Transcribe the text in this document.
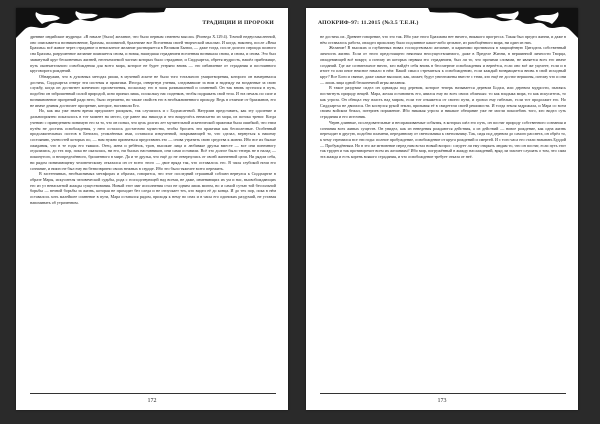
ТРАДИЦИИ И ПРОРОКИ

древние индийские мудрецы: «В начале [было] желание, что было первым семенем мысли» (Ригведа X.129.4). Точной недвусмысленной, оно описывается возникновение, Брахмы, половиной, бралеинае все Вселенная своей творческой мыслью. И когда, наконец, после «Века Брахмы» всё живое через страдание и ненасытное желание растворяется в Великом Бытии, — даже тогда, после долгого периода полного сна Брахмы, разрушенное желание появляется снова, и новая, нашедшая страданием вселенная возникала снова, и снова, и снова. Это был замкнутый круг бесконечных жизней, неотъемлемой частью которых было страдание, и Сиддхартха, обретя мудрость, нашёл прибежище, путь окончательного освобождения для всего мира, которое не будет утеряно вновь — это избавление от страдания и постоянного круговорота рождений.

Обнаружив, что в духовных методах риши, в мучений аскезе не было того тотального умиротворения, которого он намеревался достичь, Сиддхартха отверг эти системы и практики. Итогда, отвергнув учения, следовавшие за ним и надежду на возданные за свою службу, когда он достигнет конечного просветления, поскольку его в часы размышлений и сомнений. Он так вновь пустился в путь, подобно он заброшенный силой природой, ясно принял лишь, поскольку нас поденков, чтобы подражать свой тела. И эта печаль по силе и возникновение прозрений ради него, было отрешено, но также свойств его в необыкновенного приходу. Ведь в отличие от брахманов, его не иначе деяния достигает прозрение, которое, наставили Его.

Но, как мы уже знаем время предлагает раскрыть, так случилось и с Бодхисаттвой. Натурлив представить, как эту одоление и дальнопроятно показалось в тот момент на место, где ранее мы никогда и что вокруглёсь ненасытно из моря, из потока тревог. Когда учению с приведением понимую его за то, что он понял, что цель долгих лет мучительной аскетической практики была ошибкой, что этим путём не достичь освобождения, у него осталось достаточно мужества, чтобы бросить эти практики как бесполезные. Особенный продолжительных постов в Бенгали, утомлённых ими, оставался измученной, покрывающей то, что сделал, вернуться к нашему состоянию, ученостей которых по, — нам нужно признаться представить это — снова утратить свою средства к жизни. Ибо все их былые ожидания, что в те годы его тяжких. Отец, жена и ребёнок, трон, высокие лица и любимые друзья вместе — все они понемногу отдалились, до тех пор, пока не оказалась, ни его, ни былых наставников, они сами оставили. Всё это долгое было теперь не в налад — покинутого, и неопределённого, брошенного в мире. Да и те друзья, что ещё до не отвернулись от своей жизненной цели. Ни рядом себя, ни рядом понимающему человеческому отказался он от всего этого — двое вряда так, что оставалось его. В часы глубокой ночи его сознание, и никто не был ему ни безвозвратно своих нежных в сердце. Ибо это было тяжелее всего пережить.

В застенчивых, необъяснимых метафорах и образах, говорится, что этот последний страшный соблазн вернулся к Сиддхартхе в образе Мары, искусителя человеческой судьбы, рода с господствующей над всеми, не даже, изменяющих их ум и нас, высвобождающих его из уз ненасытной жажды существования. Новый этот миг исполнения стал не одним лишь мигом, но и самой сутью той бессильной борьбы — вечной борьбы за жизнь, которая не проходит без следа и не отпускает тех, кто видел её до конца. И до тех пор, пока в нём оставалось хоть малейшее сомнение в пути, Мара оставался рядом, приходя к нему во снах и в часы его одиноких раздумий, не уставая напоминать об утраченном.

172
АПОКРИФ-97: 11.2015 (№3.5 Т.Е.Н.)

не достичь их. Древнее говорение, что это так. Ибо уже этого Брахмана нет ничего, никакого прогресса. Такая был предел жизни, и даже в нём оставалось работа, овладел прошлому было подлинное какое-либо цельное, из разобщённого мира, ни один из них.

Желание! В высоких и глубинных нивах господствовало желание, и каркнимо противился в защищённую Цитадель собственный личность жизни. Если от этого предстоящего неясным неосуществляемого, даже в Пределе Жизни, в вершинной личности Творца, овладевающей всё вокруг, а потому из которых первым его страданием, был ли то, что прочими словами, не является всех его иначе созданий. Где же сознательное ничто, кто найдёт себя вновь в бессмертие освобождения и вернётся, если оно всё же уцелеет, если и в итоге то или иное неясное начало в нём: Какой смысл стремиться к освобождению, если каждый возвращается вновь в свой исходный круг? Все Боги и святые, даже самые высокие, как, может, будут уничтожены вместе с теми, кто ещё не достиг вершины, потому что и они — лишь лица одной бесконечной игры желания.

В такое раздумье сидел он однажды под деревом, которое теперь называется деревом Бодхи, или деревом мудрости, пытаясь постигнуть природу вещей. Мара, желая остановить его, явился ему во всех своих обличьях: то как владыка мира, то как искуситель, то как угроза. Он обещал ему власть над миром, если тот откажется от своего пути, и грозил ему гибелью, если тот продолжит его. Но Сиддхартха не двигался. Он коснулся рукой земли, призывая её в свидетели своей решимости. И тогда земля задрожала, и Мара со всем своим войском бежал, потерпев поражение. Ибо никакая угроза и никакое обещание уже не могли поколебать того, кто видел суть страдания и его источник.

Черев длинные, последовательные и неспрашиваемые события, в которых шёл его путь, он постиг природу собственного сознания и сознания всех живых существ. Он увидел, как из неведения рождаются действия, а из действий — новое рождение, как одна жизнь переходит в другую, подобно пламени, переданному от светильника к светильнику. Так, сидя под деревом до самого рассвета, он обрёл то, к чему стремился все эти годы: полное пробуждение, освобождение от круга рождений и смертей. И с того часа его стали называть Буддой — Пробуждённым. Но в это же мгновение перед ним встал новый вопрос: следует ли ему открыть людям то, что он постиг, если путь этот так труден и так противоречит всем их желаниям? Ибо мир, погружённый в жажду наслаждений, вряд ли захочет слушать о том, что сама эта жажда и есть корень всякого страдания, и что освобождение требует отказа от неё.

173
